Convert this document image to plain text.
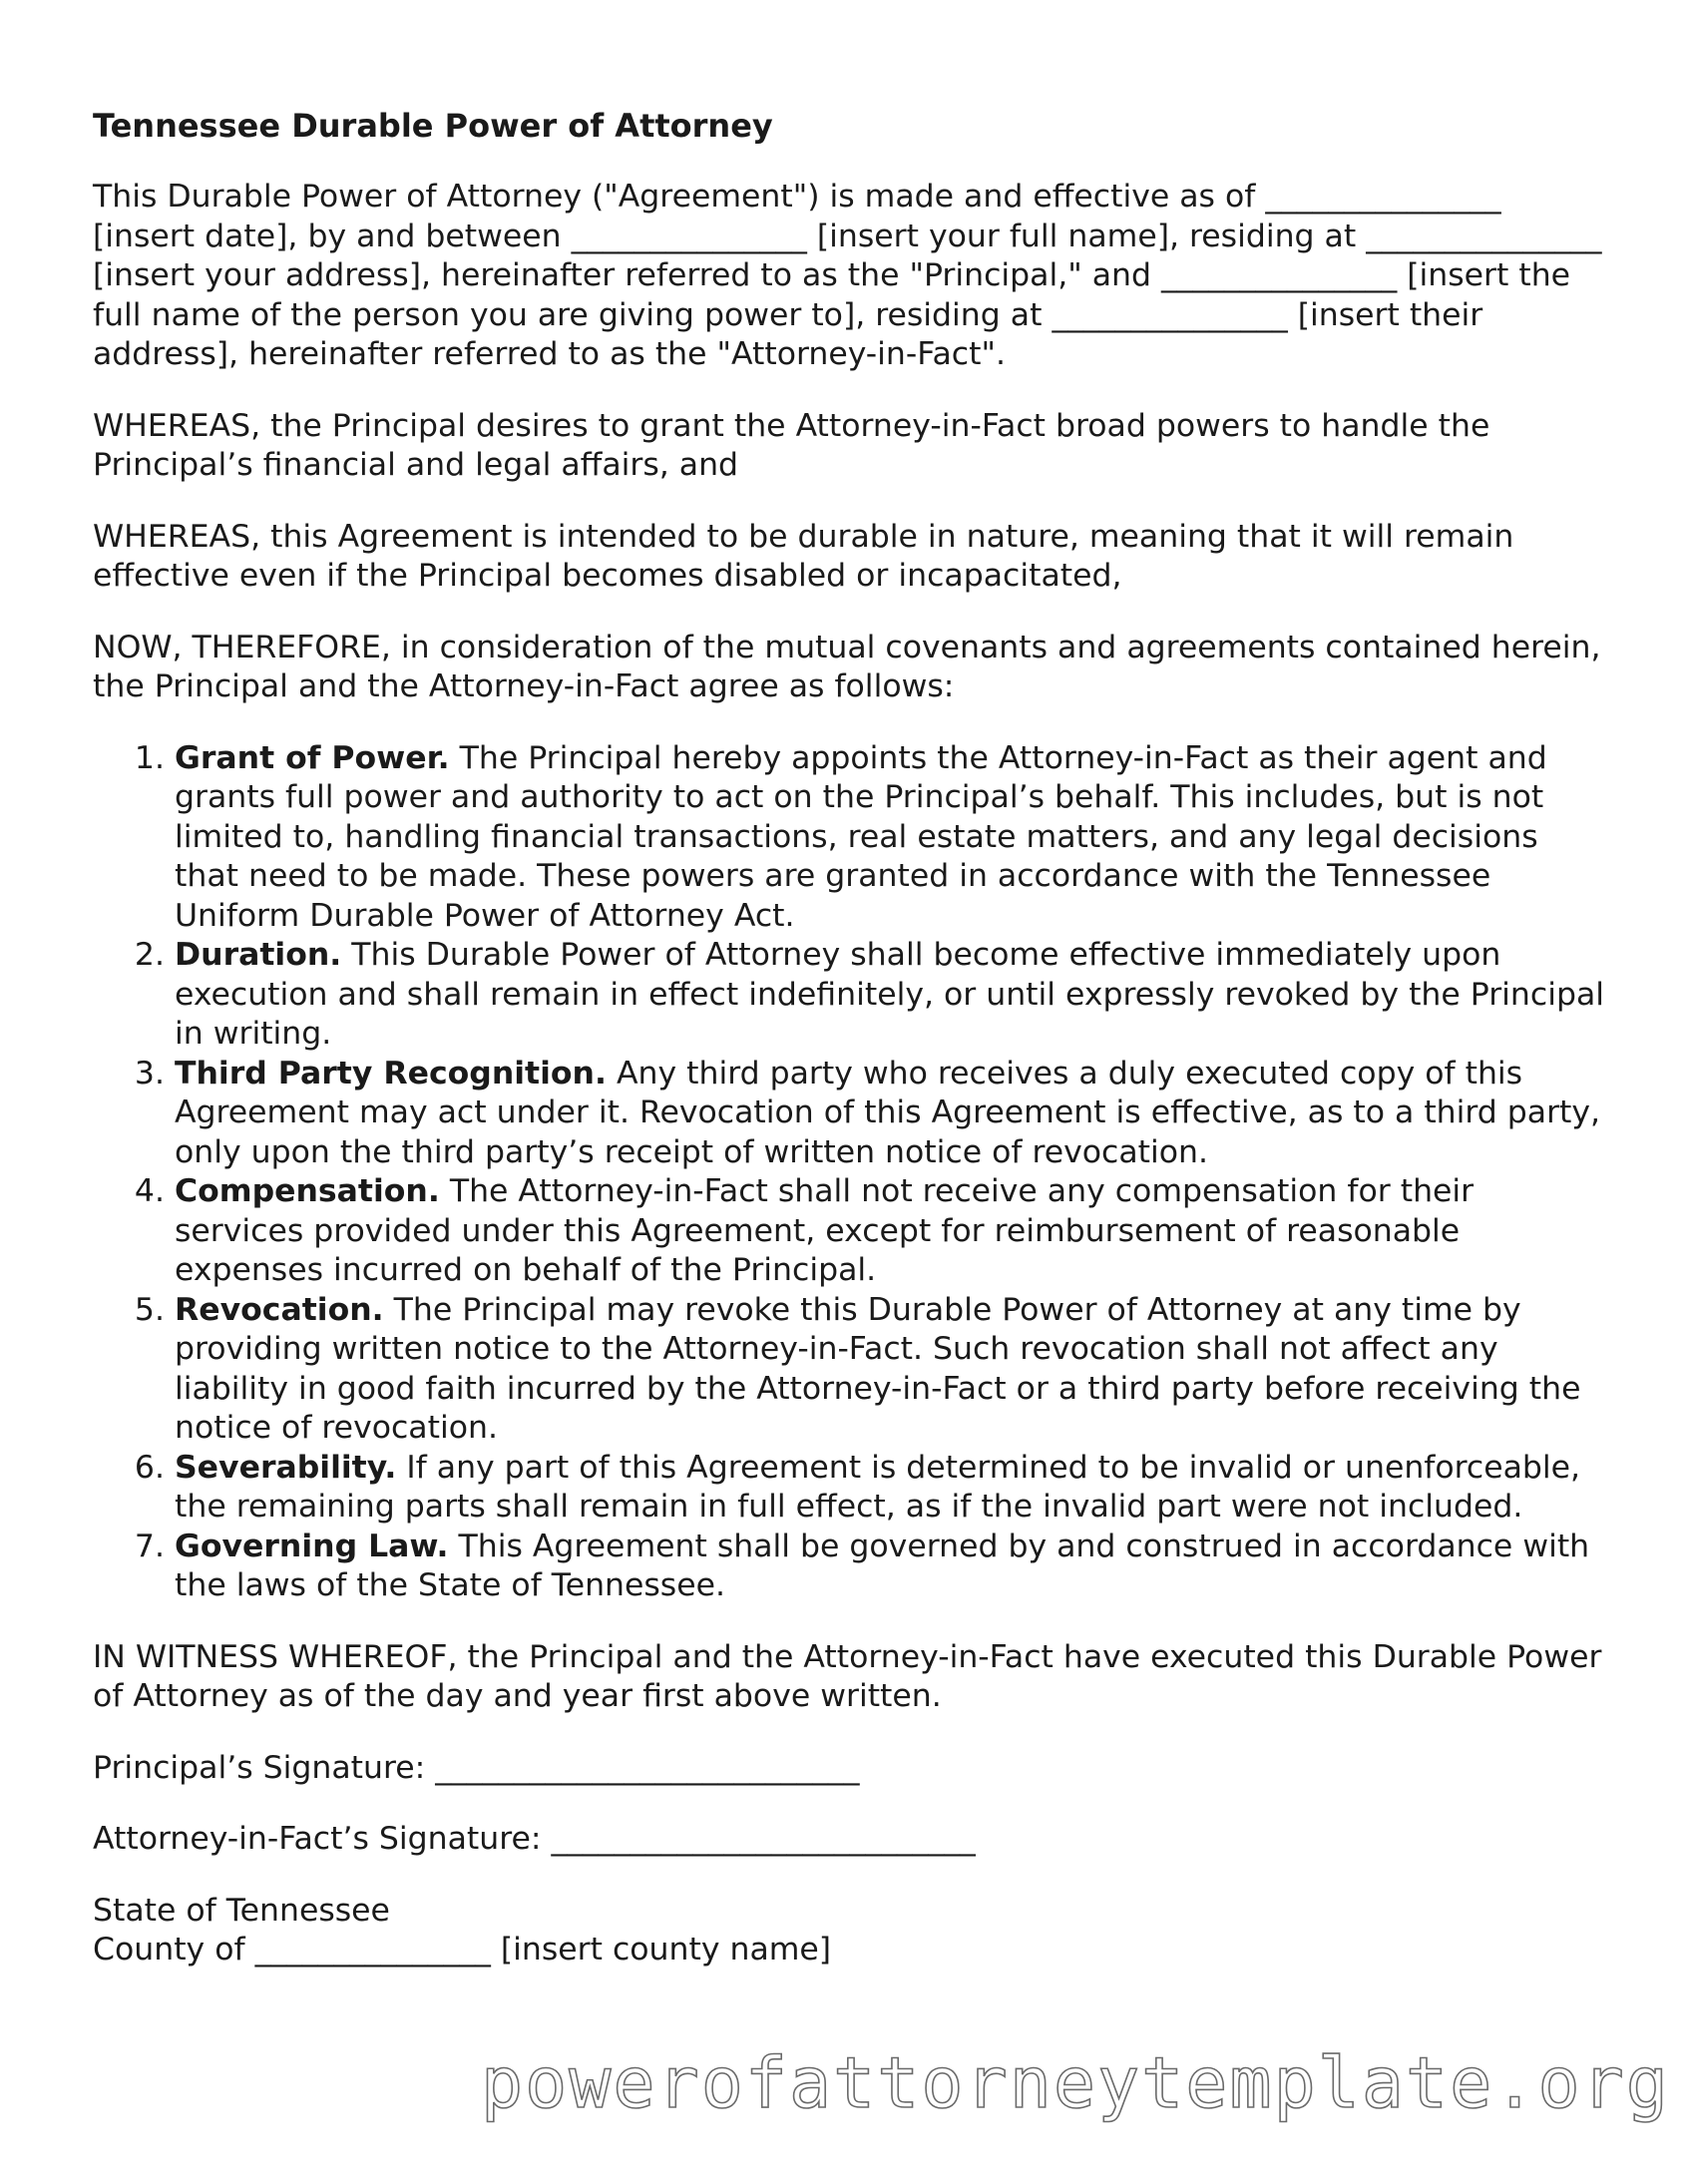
Tennessee Durable Power of Attorney

This Durable Power of Attorney ("Agreement") is made and effective as of _______________ [insert date], by and between _______________ [insert your full name], residing at _______________ [insert your address], hereinafter referred to as the "Principal," and _______________ [insert the full name of the person you are giving power to], residing at _______________ [insert their address], hereinafter referred to as the "Attorney-in-Fact".

WHEREAS, the Principal desires to grant the Attorney-in-Fact broad powers to handle the Principal’s financial and legal affairs, and

WHEREAS, this Agreement is intended to be durable in nature, meaning that it will remain effective even if the Principal becomes disabled or incapacitated,

NOW, THEREFORE, in consideration of the mutual covenants and agreements contained herein, the Principal and the Attorney-in-Fact agree as follows:

1. Grant of Power. The Principal hereby appoints the Attorney-in-Fact as their agent and grants full power and authority to act on the Principal’s behalf. This includes, but is not limited to, handling financial transactions, real estate matters, and any legal decisions that need to be made. These powers are granted in accordance with the Tennessee Uniform Durable Power of Attorney Act.
2. Duration. This Durable Power of Attorney shall become effective immediately upon execution and shall remain in effect indefinitely, or until expressly revoked by the Principal in writing.
3. Third Party Recognition. Any third party who receives a duly executed copy of this Agreement may act under it. Revocation of this Agreement is effective, as to a third party, only upon the third party’s receipt of written notice of revocation.
4. Compensation. The Attorney-in-Fact shall not receive any compensation for their services provided under this Agreement, except for reimbursement of reasonable expenses incurred on behalf of the Principal.
5. Revocation. The Principal may revoke this Durable Power of Attorney at any time by providing written notice to the Attorney-in-Fact. Such revocation shall not affect any liability in good faith incurred by the Attorney-in-Fact or a third party before receiving the notice of revocation.
6. Severability. If any part of this Agreement is determined to be invalid or unenforceable, the remaining parts shall remain in full effect, as if the invalid part were not included.
7. Governing Law. This Agreement shall be governed by and construed in accordance with the laws of the State of Tennessee.

IN WITNESS WHEREOF, the Principal and the Attorney-in-Fact have executed this Durable Power of Attorney as of the day and year first above written.

Principal’s Signature: ___________________________

Attorney-in-Fact’s Signature: ___________________________

State of Tennessee
County of _______________ [insert county name]
powerofattorneytemplate.org
